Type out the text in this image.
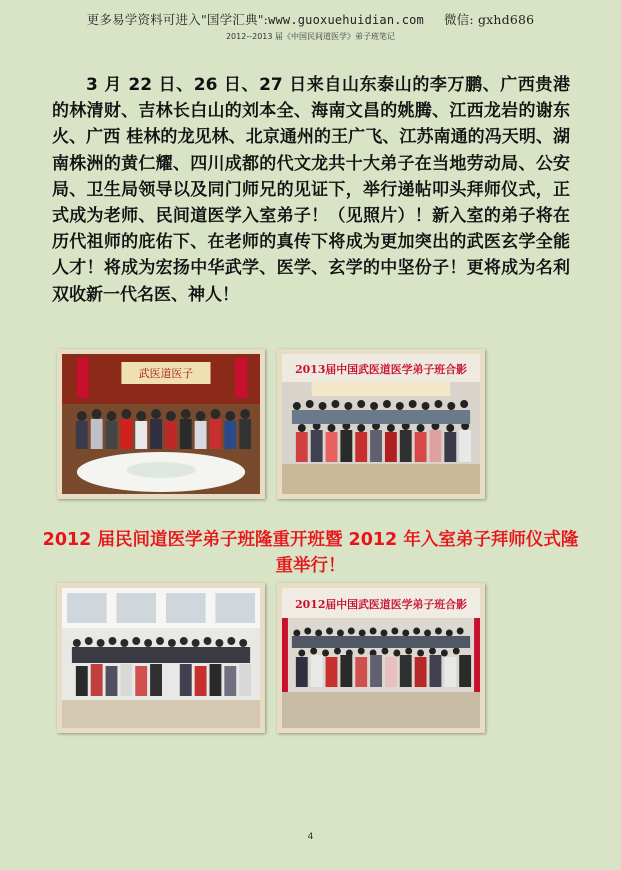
更多易学资料可进入"国学汇典":www.guoxuehuidian.com 微信: gxhd686
2012--2013 届《中国民间道医学》弟子班笔记

3 月 22 日、26 日、27 日来自山东泰山的李万鹏、广西贵港的林清财、吉林长白山的刘本全、海南文昌的姚腾、江西龙岩的谢东火、广西 桂林的龙见林、北京通州的王广飞、江苏南通的冯天明、湖南株洲的黄仁耀、四川成都的代文龙共十大弟子在当地劳动局、公安局、卫生局领导以及同门师兄的见证下，举行递帖叩头拜师仪式，正式成为老师、民间道医学入室弟子！（见照片）！新入室的弟子将在历代祖师的庇佑下、在老师的真传下将成为更加突出的武医玄学全能 人才！将成为宏扬中华武学、医学、玄学的中坚份子！更将成为名利双收新一代名医、神人！

武医道医子	2013届中国武医道医学弟子班合影

2012 届民间道医学弟子班隆重开班暨 2012 年入室弟子拜师仪式隆重举行！

2012届中国武医道医学弟子班合影
4
